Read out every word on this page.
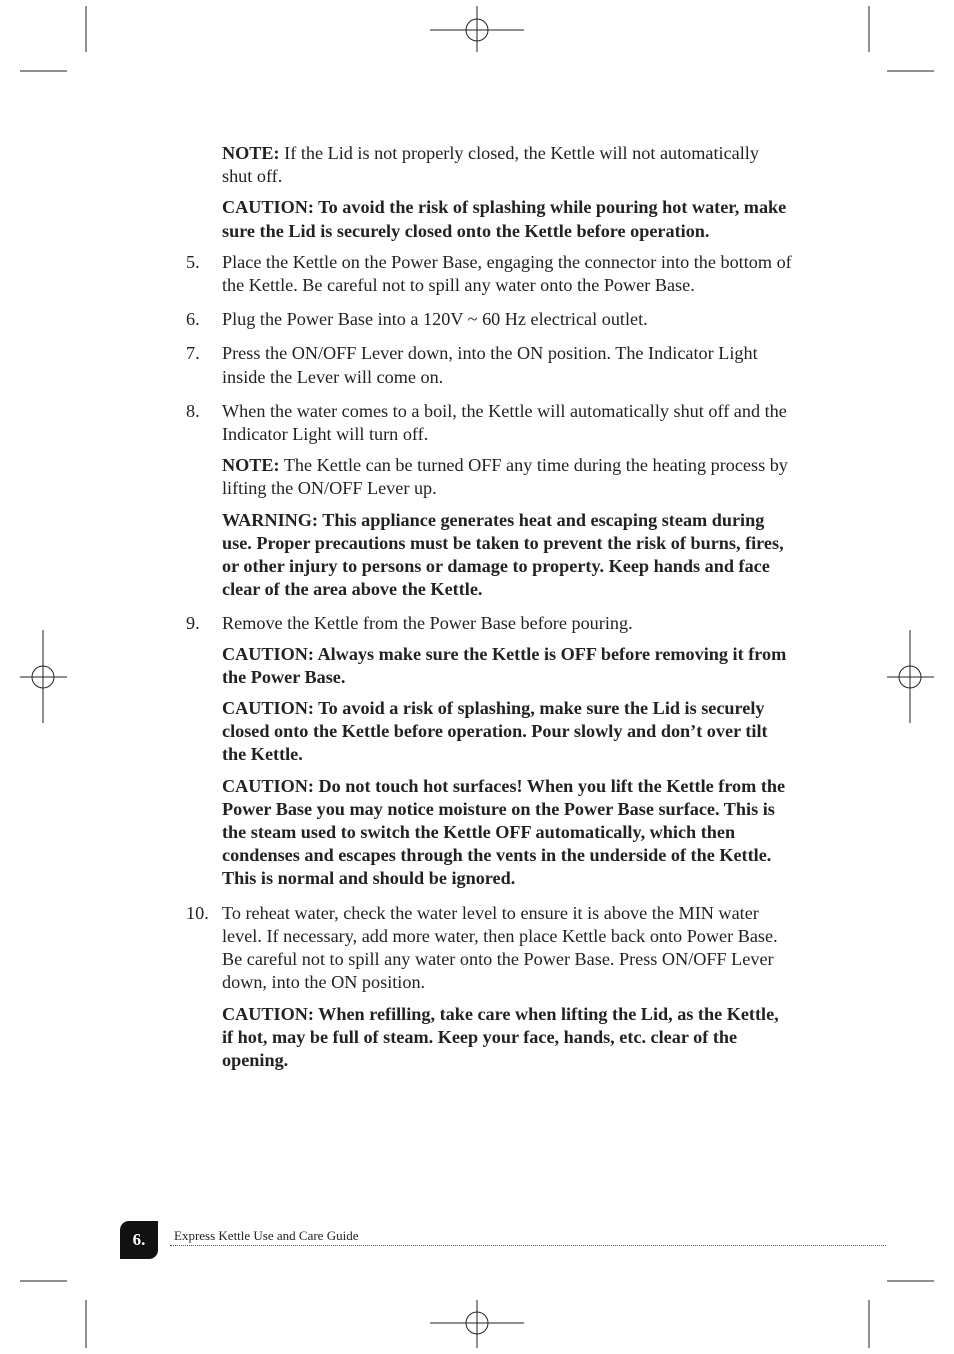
NOTE: If the Lid is not properly closed, the Kettle will not automatically shut off.

CAUTION: To avoid the risk of splashing while pouring hot water, make sure the Lid is securely closed onto the Kettle before operation.

5.	Place the Kettle on the Power Base, engaging the connector into the bottom of the Kettle. Be careful not to spill any water onto the Power Base.
6.	Plug the Power Base into a 120V ~ 60 Hz electrical outlet.
7.	Press the ON/OFF Lever down, into the ON position. The Indicator Light inside the Lever will come on.
8.	When the water comes to a boil, the Kettle will automatically shut off and the Indicator Light will turn off.

NOTE: The Kettle can be turned OFF any time during the heating process by lifting the ON/OFF Lever up.

WARNING: This appliance generates heat and escaping steam during use. Proper precautions must be taken to prevent the risk of burns, fires, or other injury to persons or damage to property. Keep hands and face clear of the area above the Kettle.

9.	Remove the Kettle from the Power Base before pouring.

CAUTION: Always make sure the Kettle is OFF before removing it from the Power Base.

CAUTION: To avoid a risk of splashing, make sure the Lid is securely closed onto the Kettle before operation. Pour slowly and don’t over tilt the Kettle.

CAUTION: Do not touch hot surfaces! When you lift the Kettle from the Power Base you may notice moisture on the Power Base surface. This is the steam used to switch the Kettle OFF automatically, which then condenses and escapes through the vents in the underside of the Kettle. This is normal and should be ignored.

10. To reheat water, check the water level to ensure it is above the MIN water level. If necessary, add more water, then place Kettle back onto Power Base. Be careful not to spill any water onto the Power Base. Press ON/OFF Lever down, into the ON position.

CAUTION: When refilling, take care when lifting the Lid, as the Kettle, if hot, may be full of steam. Keep your face, hands, etc. clear of the opening.

6.	Express Kettle Use and Care Guide
